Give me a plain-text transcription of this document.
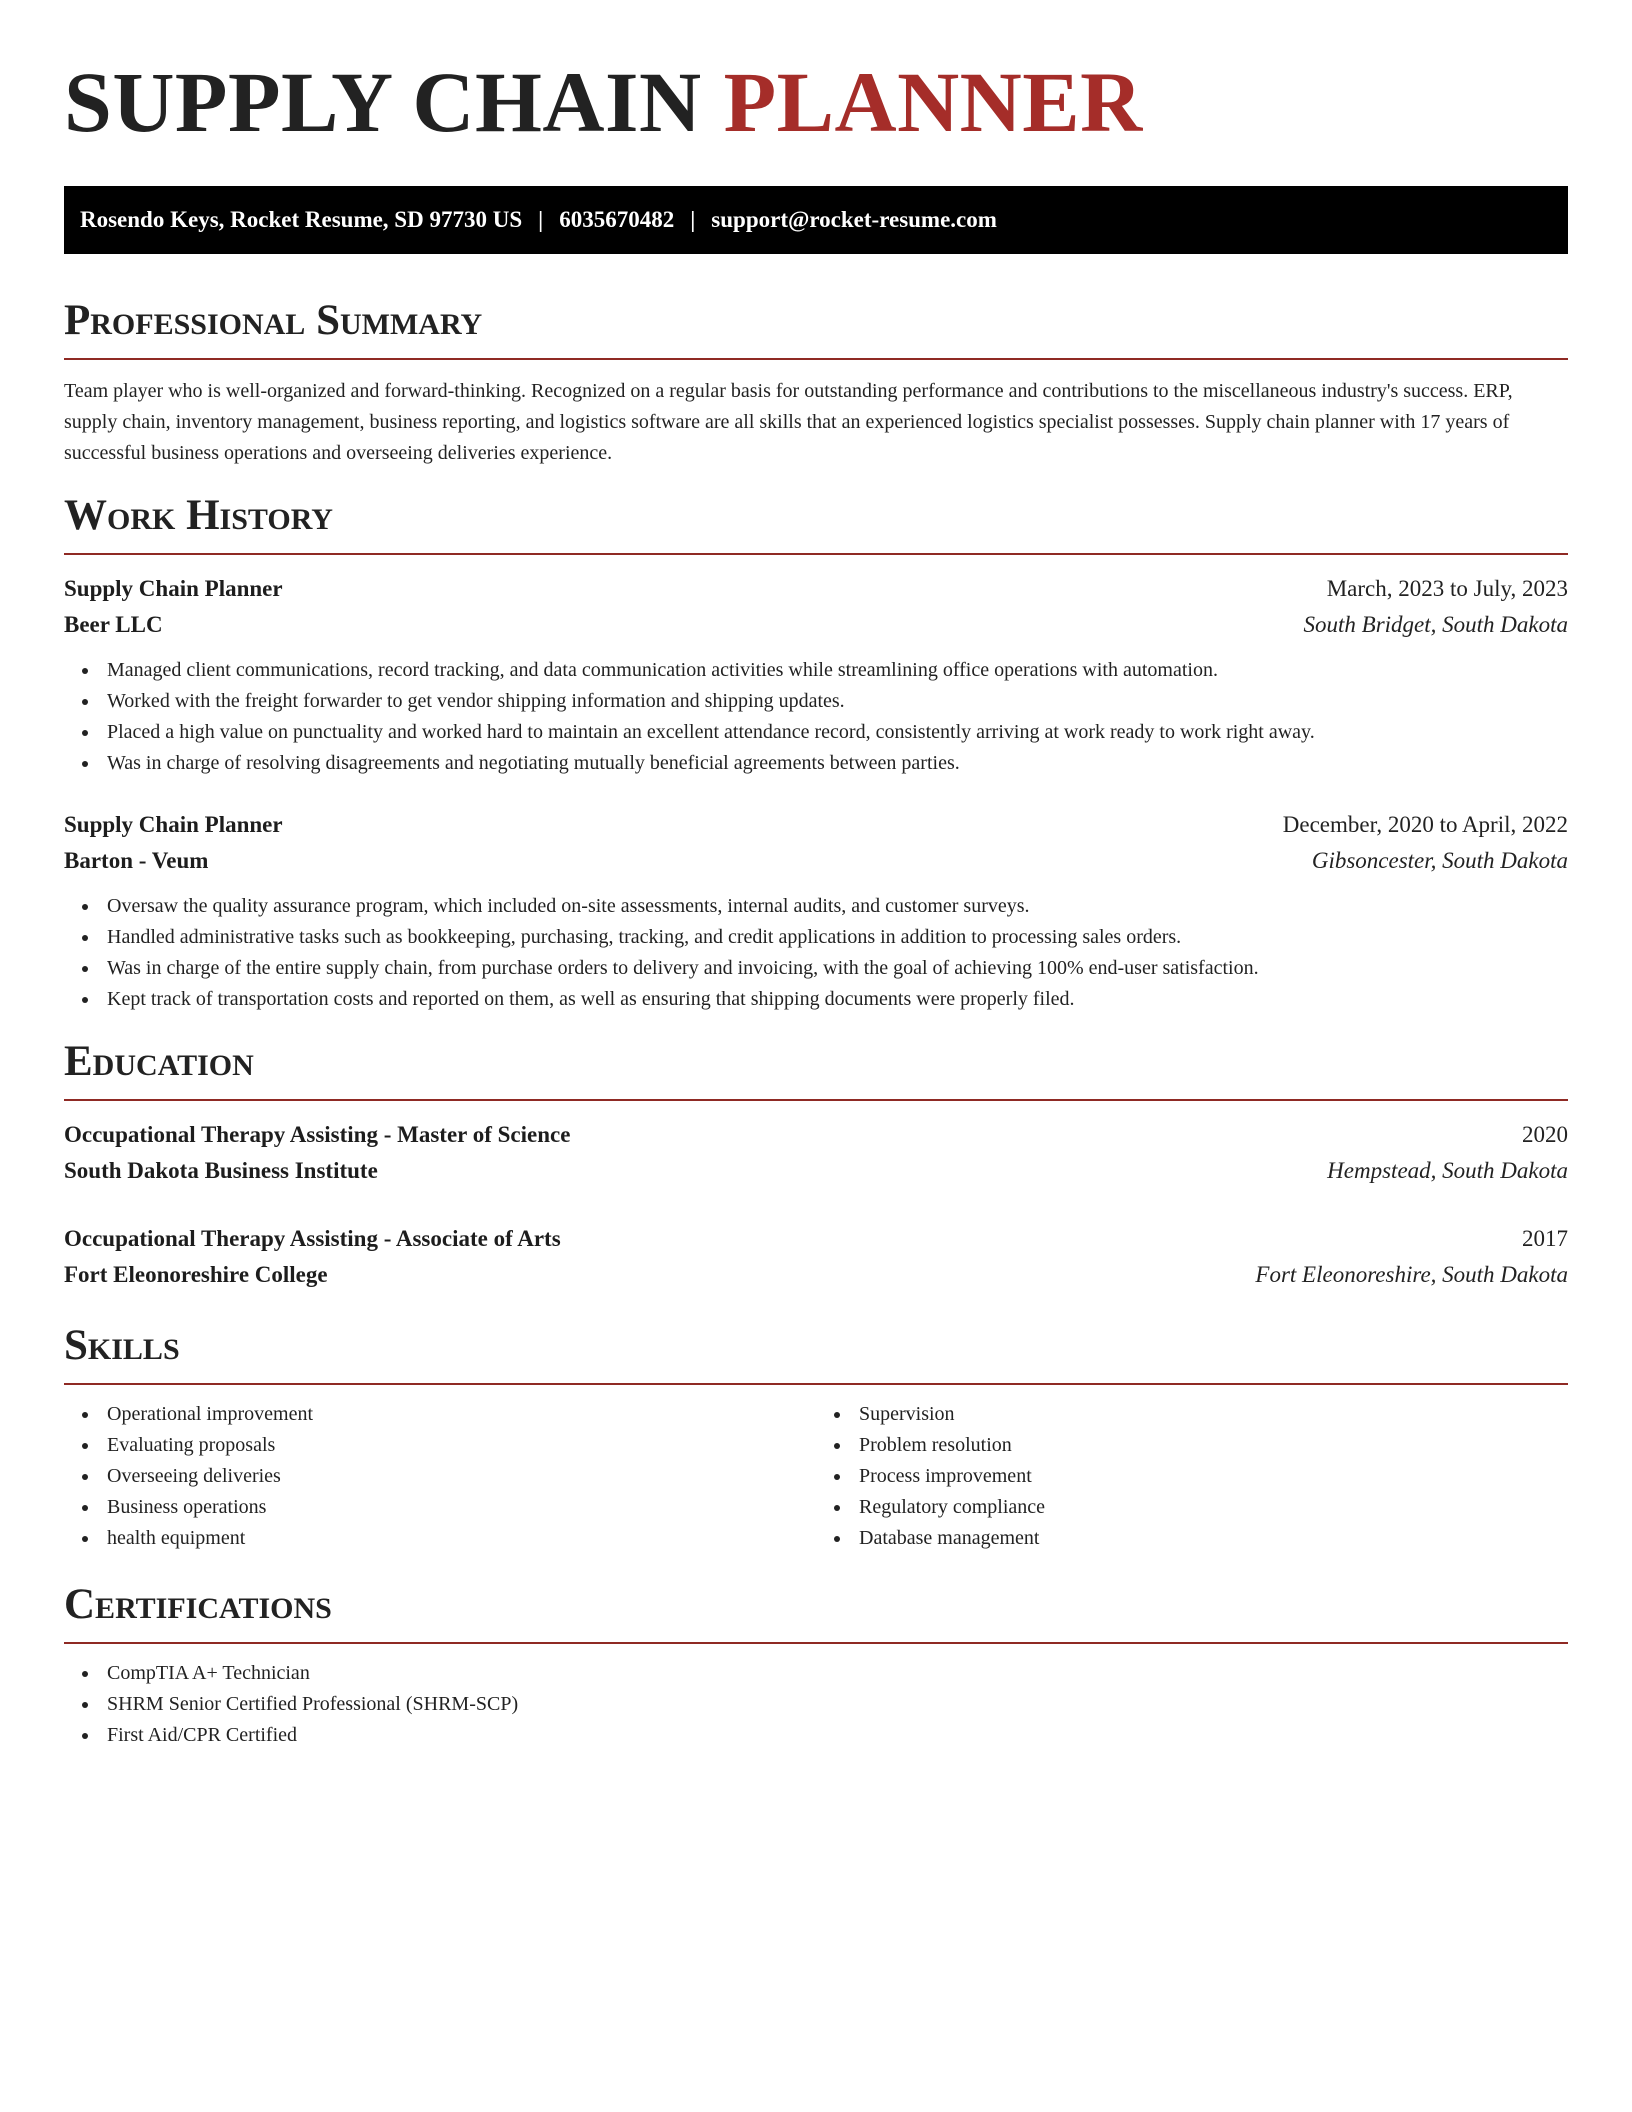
SUPPLY CHAIN PLANNER
Rosendo Keys, Rocket Resume, SD 97730 US | 6035670482 | support@rocket-resume.com
Professional Summary

Team player who is well-organized and forward-thinking. Recognized on a regular basis for outstanding performance and contributions to the miscellaneous industry's success. ERP, supply chain, inventory management, business reporting, and logistics software are all skills that an experienced logistics specialist possesses. Supply chain planner with 17 years of successful business operations and overseeing deliveries experience.

Work History
Supply Chain Planner	March, 2023 to July, 2023
Beer LLC	South Bridget, South Dakota
Managed client communications, record tracking, and data communication activities while streamlining office operations with automation.
Worked with the freight forwarder to get vendor shipping information and shipping updates.
Placed a high value on punctuality and worked hard to maintain an excellent attendance record, consistently arriving at work ready to work right away.
Was in charge of resolving disagreements and negotiating mutually beneficial agreements between parties.
Supply Chain Planner	December, 2020 to April, 2022
Barton - Veum	Gibsoncester, South Dakota
Oversaw the quality assurance program, which included on-site assessments, internal audits, and customer surveys.
Handled administrative tasks such as bookkeeping, purchasing, tracking, and credit applications in addition to processing sales orders.
Was in charge of the entire supply chain, from purchase orders to delivery and invoicing, with the goal of achieving 100% end-user satisfaction.
Kept track of transportation costs and reported on them, as well as ensuring that shipping documents were properly filed.
Education
Occupational Therapy Assisting - Master of Science	2020
South Dakota Business Institute	Hempstead, South Dakota
Occupational Therapy Assisting - Associate of Arts	2017
Fort Eleonoreshire College	Fort Eleonoreshire, South Dakota
Skills
Operational improvement
Evaluating proposals
Overseeing deliveries
Business operations
health equipment
Supervision
Problem resolution
Process improvement
Regulatory compliance
Database management
Certifications
CompTIA A+ Technician
SHRM Senior Certified Professional (SHRM-SCP)
First Aid/CPR Certified
